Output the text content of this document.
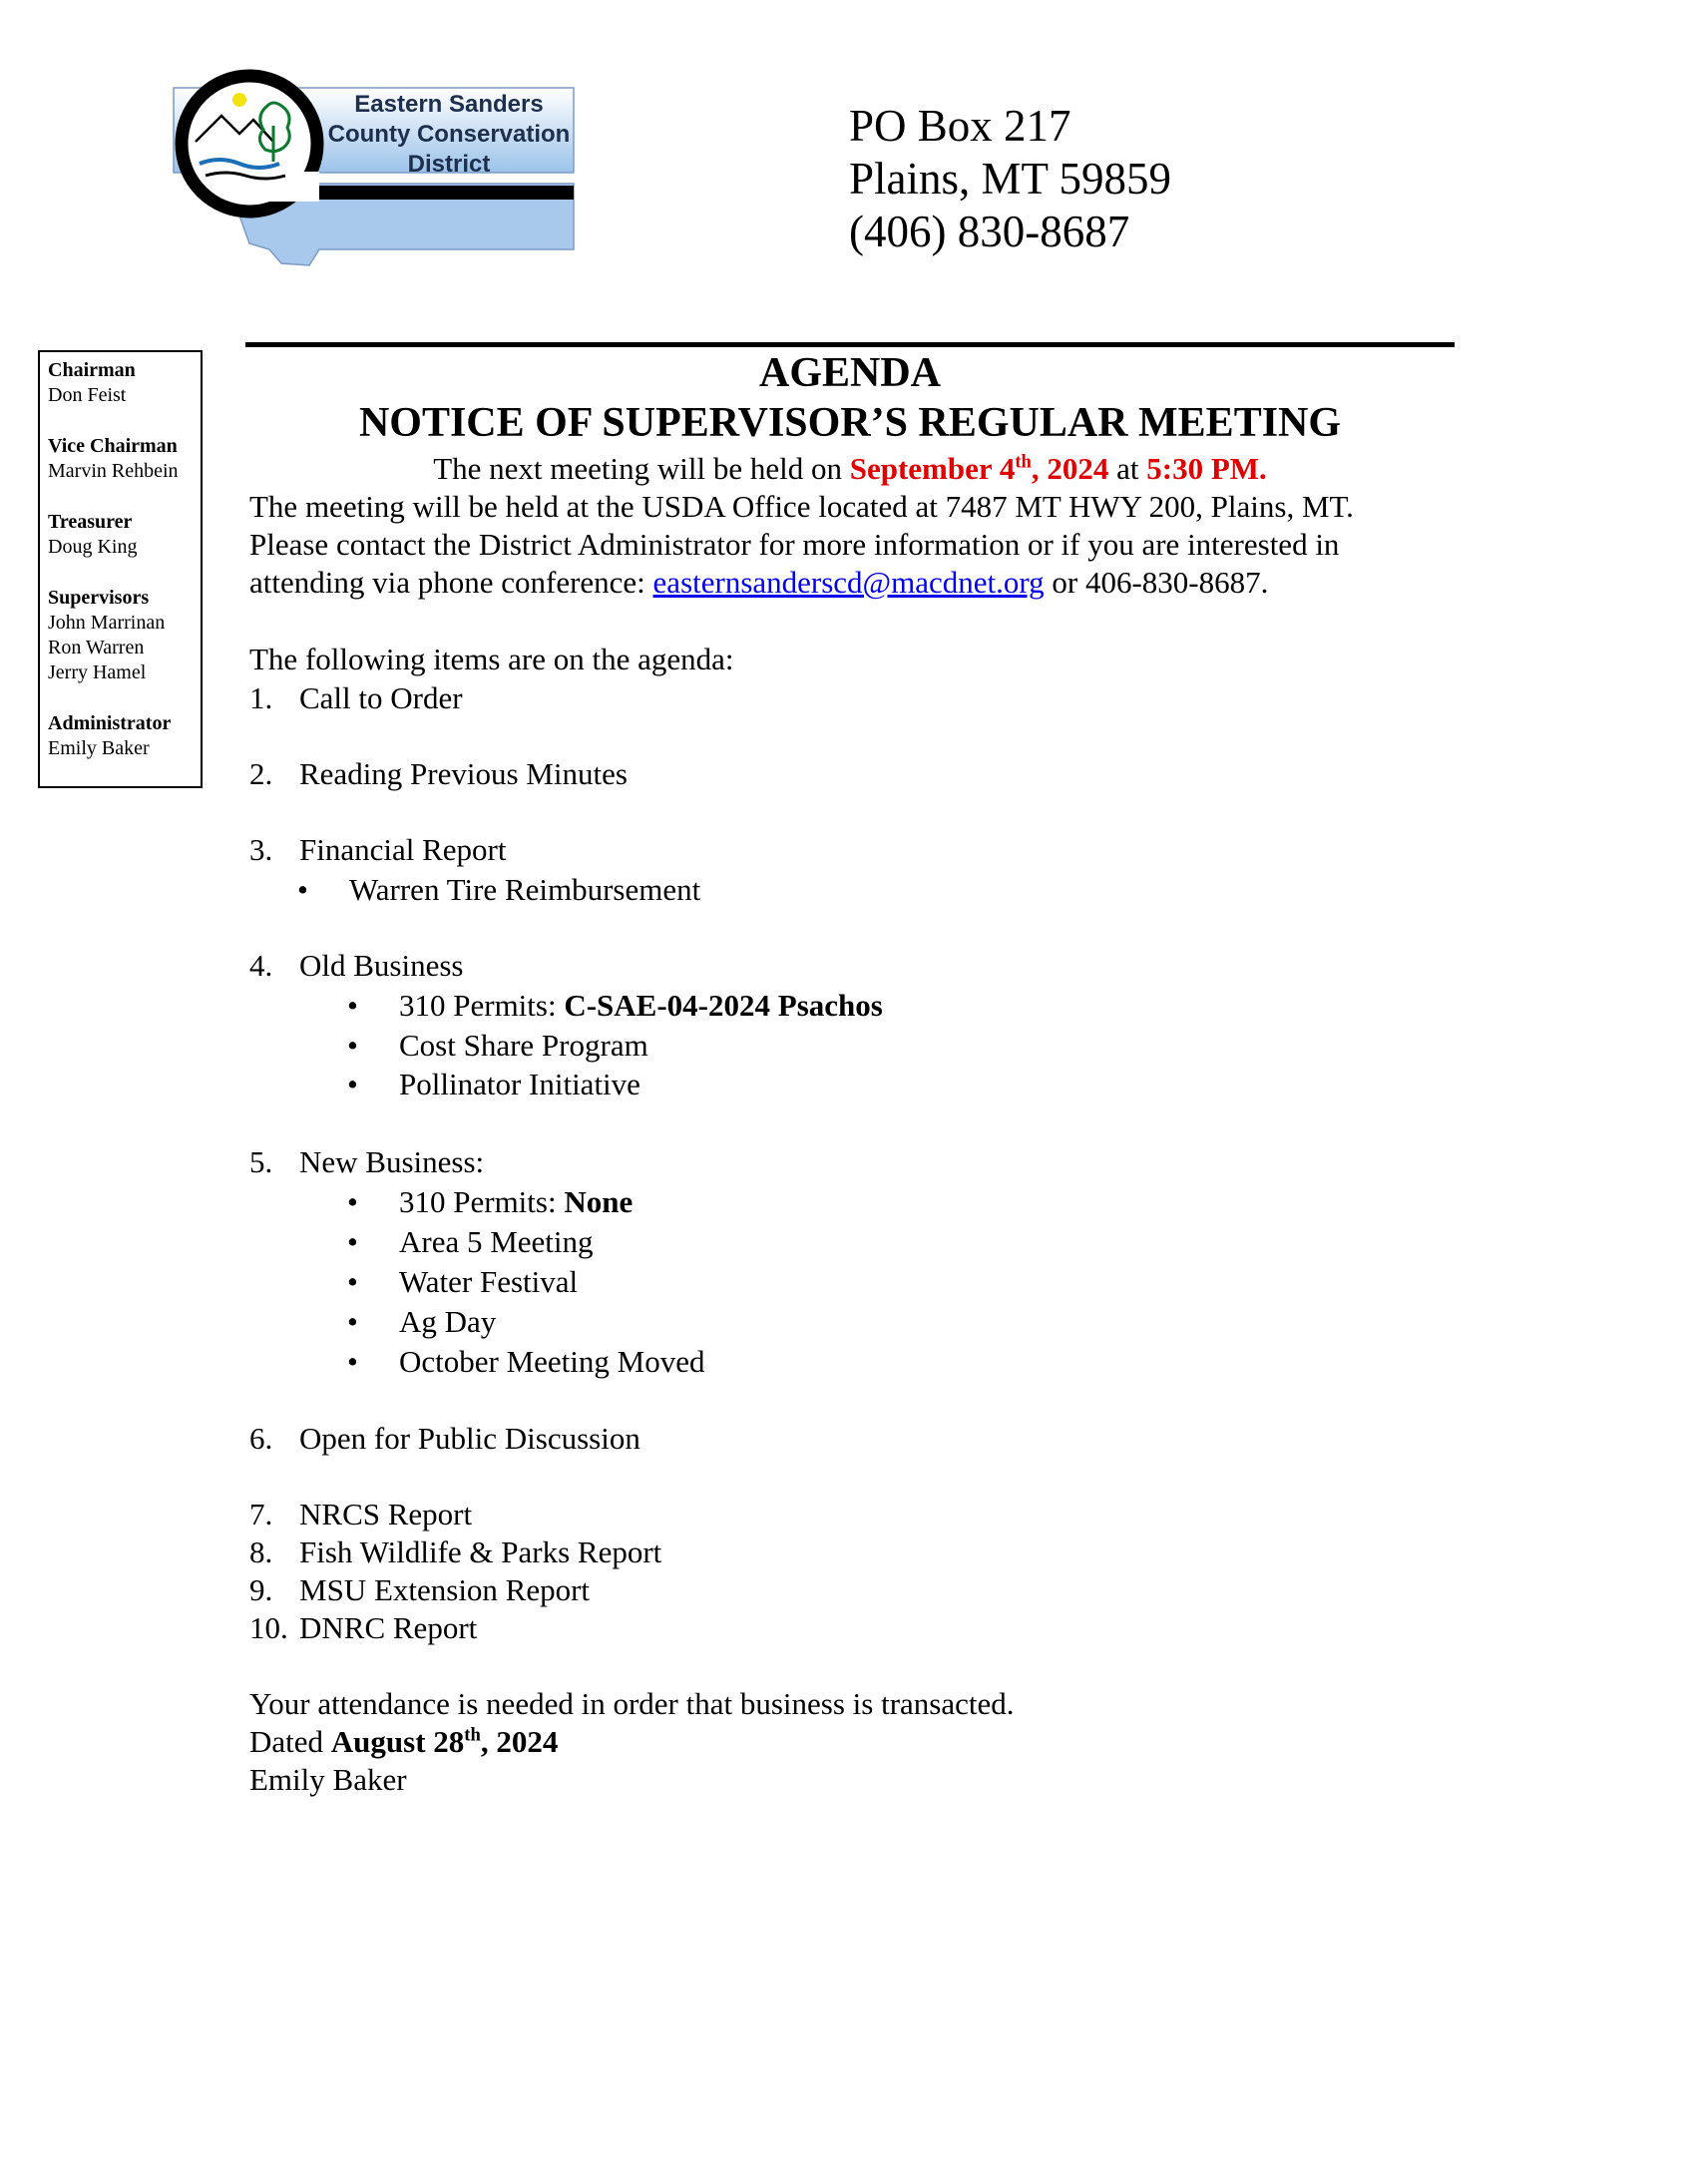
Eastern Sanders
County Conservation
District
PO Box 217
Plains, MT 59859
(406) 830-8687
Chairman
Don Feist
Vice Chairman
Marvin Rehbein
Treasurer
Doug King
Supervisors
John Marrinan
Ron Warren
Jerry Hamel
Administrator
Emily Baker
AGENDA
NOTICE OF SUPERVISOR’S REGULAR MEETING
The next meeting will be held on September 4th, 2024 at 5:30 PM.
The meeting will be held at the USDA Office located at 7487 MT HWY 200, Plains, MT.
Please contact the District Administrator for more information or if you are interested in
attending via phone conference: easternsanderscd@macdnet.org or 406-830-8687.
The following items are on the agenda:
1. Call to Order
2. Reading Previous Minutes
3. Financial Report
• Warren Tire Reimbursement
4. Old Business
• 310 Permits: C-SAE-04-2024 Psachos
• Cost Share Program
• Pollinator Initiative
5. New Business:
• 310 Permits: None
• Area 5 Meeting
• Water Festival
• Ag Day
• October Meeting Moved
6. Open for Public Discussion
7. NRCS Report
8. Fish Wildlife & Parks Report
9. MSU Extension Report
10. DNRC Report
Your attendance is needed in order that business is transacted.
Dated August 28th, 2024
Emily Baker
